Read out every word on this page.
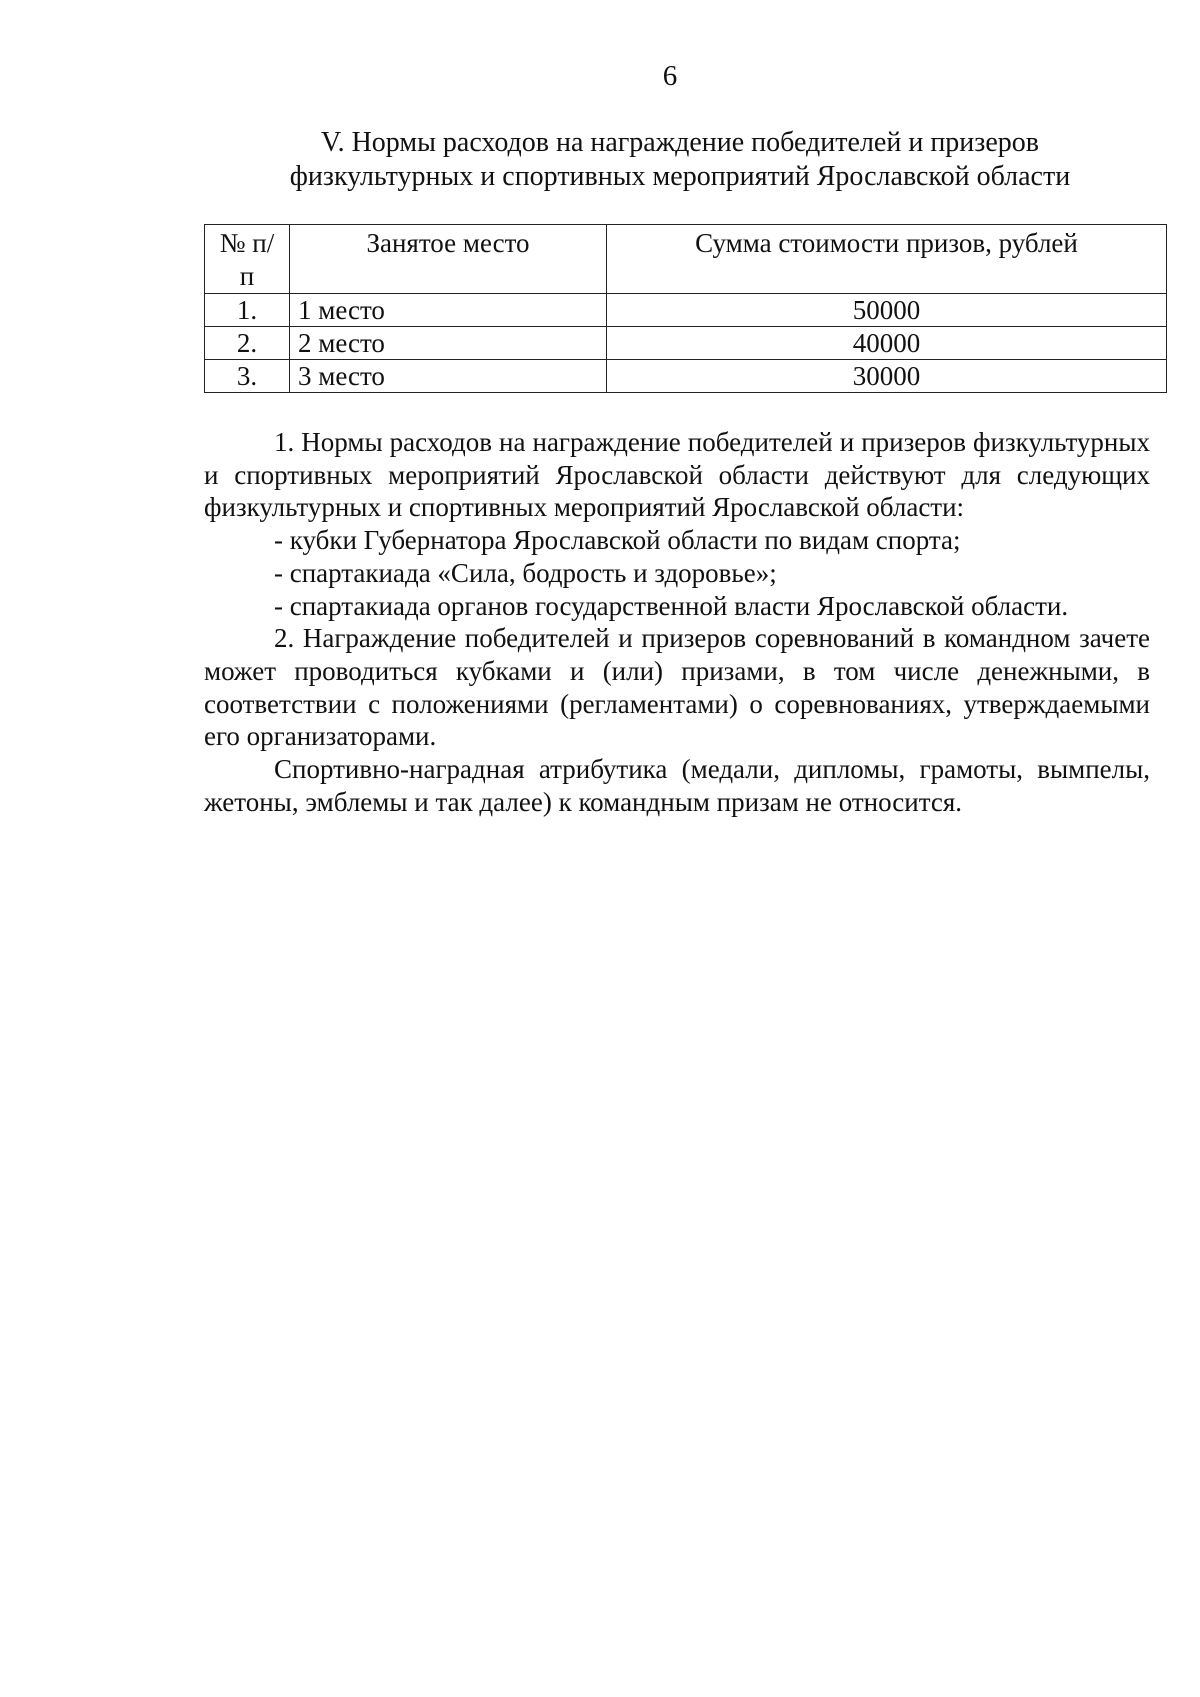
6
V. Нормы расходов на награждение победителей и призеров
физкультурных и спортивных мероприятий Ярославской области
№ п/п	Занятое место	Сумма стоимости призов, рублей
1.	1 место	50000
2.	2 место	40000
3.	3 место	30000

1. Нормы расходов на награждение победителей и призеров физкультурных и спортивных мероприятий Ярославской области действуют для следующих физкультурных и спортивных мероприятий Ярославской области:

- кубки Губернатора Ярославской области по видам спорта;

- спартакиада «Сила, бодрость и здоровье»;

- спартакиада органов государственной власти Ярославской области.

2. Награждение победителей и призеров соревнований в командном зачете может проводиться кубками и (или) призами, в том числе денежными, в соответствии с положениями (регламентами) о соревнованиях, утверждаемыми его организаторами.

Спортивно-наградная атрибутика (медали, дипломы, грамоты, вымпелы, жетоны, эмблемы и так далее) к командным призам не относится.
